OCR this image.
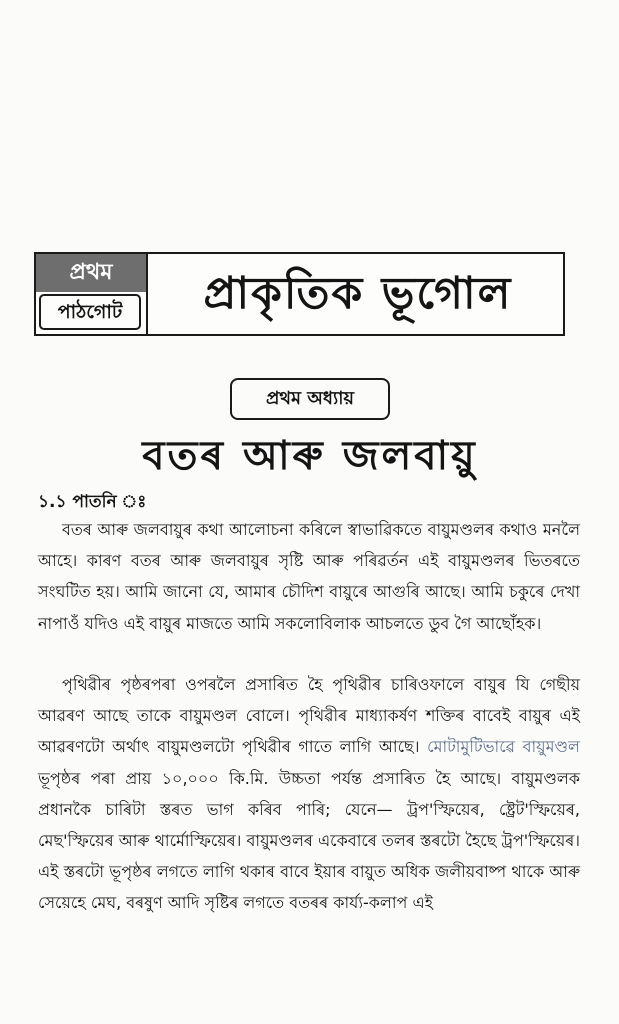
প্ৰথম
পাঠগোট	প্ৰাকৃতিক ভূগোল
প্ৰথম অধ্যায়
বতৰ আৰু জলবায়ু
১.১ পাতনি ঃ
বতৰ আৰু জলবায়ুৰ কথা আলোচনা কৰিলে স্বাভাৱিকতে বায়ুমণ্ডলৰ কথাও মনলৈ আহে। কাৰণ বতৰ আৰু জলবায়ুৰ সৃষ্টি আৰু পৰিৱৰ্তন এই বায়ুমণ্ডলৰ ভিতৰতে সংঘটিত হয়। আমি জানো যে, আমাৰ চৌদিশ বায়ুৰে আগুৰি আছে। আমি চকুৰে দেখা নাপাওঁ যদিও এই বায়ুৰ মাজতে আমি সকলোবিলাক আচলতে ডুব গৈ আছোঁহক।
পৃথিৱীৰ পৃষ্ঠৰপৰা ওপৰলৈ প্ৰসাৰিত হৈ পৃথিৱীৰ চাৰিওফালে বায়ুৰ যি গেছীয় আৱৰণ আছে তাকে বায়ুমণ্ডল বোলে। পৃথিৱীৰ মাধ্যাকৰ্ষণ শক্তিৰ বাবেই বায়ুৰ এই আৱৰণটো অৰ্থাৎ বায়ুমণ্ডলটো পৃথিৱীৰ গাতে লাগি আছে। মোটামুটিভাৱে বায়ুমণ্ডল ভূপৃষ্ঠৰ পৰা প্ৰায় ১০,০০০ কি.মি. উচ্চতা পৰ্যন্ত প্ৰসাৰিত হৈ আছে। বায়ুমণ্ডলক প্ৰধানকৈ চাৰিটা স্তৰত ভাগ কৰিব পাৰি; যেনে— ট্ৰপ'স্ফিয়েৰ, ষ্ট্ৰেট'স্ফিয়েৰ, মেছ'স্ফিয়েৰ আৰু থাৰ্মোস্ফিয়েৰ। বায়ুমণ্ডলৰ একেবাৰে তলৰ স্তৰটো হৈছে ট্ৰপ'স্ফিয়েৰ। এই স্তৰটো ভূপৃষ্ঠৰ লগতে লাগি থকাৰ বাবে ইয়াৰ বায়ুত অধিক জলীয়বাষ্প থাকে আৰু সেয়েহে মেঘ, বৰষুণ আদি সৃষ্টিৰ লগতে বতৰৰ কাৰ্য্য-কলাপ এই
